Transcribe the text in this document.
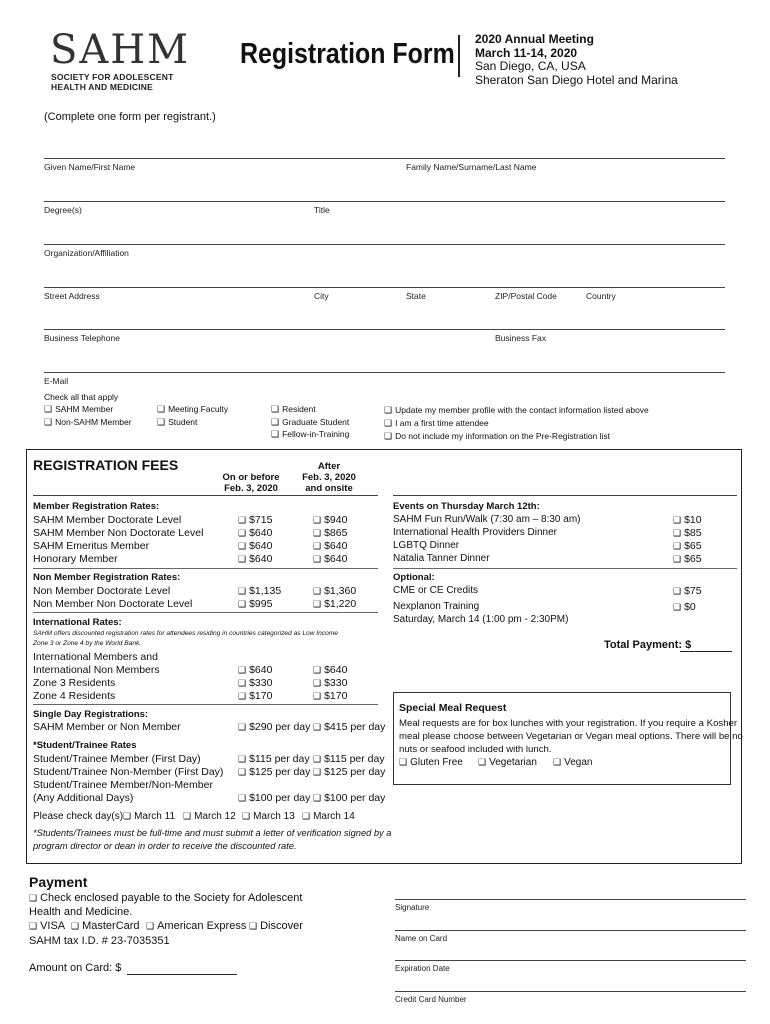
SAHM
SOCIETY FOR ADOLESCENT
HEALTH AND MEDICINE
Registration Form 2020 Annual Meeting
March 11-14, 2020
San Diego, CA, USA
Sheraton San Diego Hotel and Marina
(Complete one form per registrant.)
Given Name/First Name	Family Name/Surname/Last Name
Degree(s)	Title
Organization/Affiliation
Street Address	City	State	ZIP/Postal Code	Country
Business Telephone	Business Fax
E-Mail
Check all that apply
❑ SAHM Member
❑ Non-SAHM Member
❑ Meeting Faculty
❑ Student
❑ Resident
❑ Graduate Student
❑ Fellow-in-Training
❑ Update my member profile with the contact information listed above
❑ I am a first time attendee
❑ Do not include my information on the Pre-Registration list
REGISTRATION FEES
On or before
Feb. 3, 2020
After
Feb. 3, 2020
and onsite
Member Registration Rates:
SAHM Member Doctorate Level	❑ $715	❑ $940
SAHM Member Non Doctorate Level	❑ $640	❑ $865
SAHM Emeritus Member	❑ $640	❑ $640
Honorary Member	❑ $640	❑ $640
Non Member Registration Rates:
Non Member Doctorate Level	❑ $1,135	❑ $1,360
Non Member Non Doctorate Level	❑ $995	❑ $1,220
International Rates:
SAHM offers discounted registration rates for attendees residing in countries categorized as Low Income
Zone 3 or Zone 4 by the World Bank.
International Members and
International Non Members	❑ $640	❑ $640
Zone 3 Residents	❑ $330	❑ $330
Zone 4 Residents	❑ $170	❑ $170
Single Day Registrations:
SAHM Member or Non Member	❑ $290 per day	❑ $415 per day
*Student/Trainee Rates
Student/Trainee Member (First Day)	❑ $115 per day	❑ $115 per day
Student/Trainee Non-Member (First Day)	❑ $125 per day	❑ $125 per day
Student/Trainee Member/Non-Member
(Any Additional Days)	❑ $100 per day	❑ $100 per day
Please check day(s)	❑ March 11	❑ March 12	❑ March 13	❑ March 14
*Students/Trainees must be full-time and must submit a letter of verification signed by a
program director or dean in order to receive the discounted rate.
Events on Thursday March 12th:
SAHM Fun Run/Walk (7:30 am – 8:30 am)	❑ $10
International Health Providers Dinner	❑ $85
LGBTQ Dinner	❑ $65
Natalia Tanner Dinner	❑ $65
Optional:
CME or CE Credits	❑ $75
Nexplanon Training	❑ $0
Saturday, March 14 (1:00 pm - 2:30PM)
Total Payment: $
Special Meal Request
Meal requests are for box lunches with your registration. If you require a Kosher
meal please choose between Vegetarian or Vegan meal options. There will be no
nuts or seafood included with lunch.
❑ Gluten Free	❑ Vegetarian	❑ Vegan
Payment
❑ Check enclosed payable to the Society for Adolescent
Health and Medicine.
❑ VISA	❑ MasterCard	❑ American Express	❑ Discover
SAHM tax I.D. # 23-7035351
Amount on Card: $
Signature
Name on Card
Expiration Date
Credit Card Number
